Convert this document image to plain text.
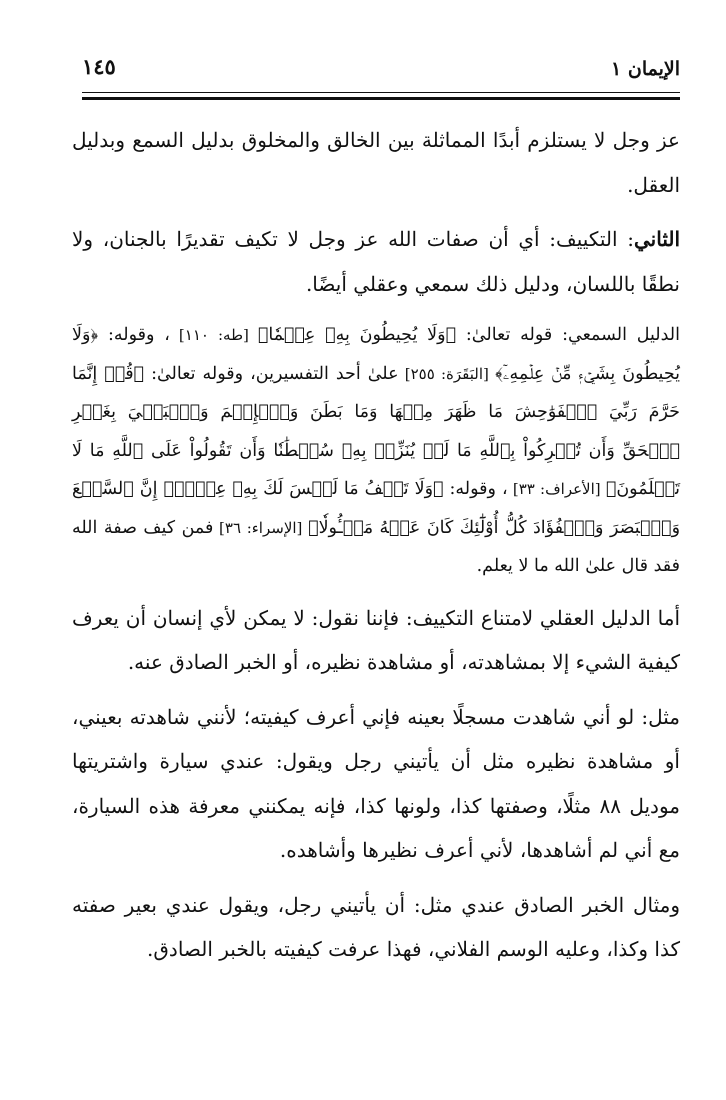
الإيمان ١
١٤٥

عز وجل لا يستلزم أبدًا المماثلة بين الخالق والمخلوق بدليل السمع وبدليل العقل.

الثاني: التكييف: أي أن صفات الله عز وجل لا تكيف تقديرًا بالجنان، ولا نطقًا باللسان، ودليل ذلك سمعي وعقلي أيضًا.

الدليل السمعي: قوله تعالىٰ: ﴿وَلَا يُحِيطُونَ بِهِۦ عِلۡمٗا﴾ [طه: ١١٠] ، وقوله: ﴿وَلَا يُحِيطُونَ بِشَيۡءٖ مِّنۡ عِلۡمِهِۦٓ﴾ [البَقَرَة: ٢٥٥] علىٰ أحد التفسيرين، وقوله تعالىٰ: ﴿قُلۡ إِنَّمَا حَرَّمَ رَبِّيَ ٱلۡفَوَٰحِشَ مَا ظَهَرَ مِنۡهَا وَمَا بَطَنَ وَٱلۡإِثۡمَ وَٱلۡبَغۡيَ بِغَيۡرِ ٱلۡحَقِّ وَأَن تُشۡرِكُواْ بِٱللَّهِ مَا لَمۡ يُنَزِّلۡ بِهِۦ سُلۡطَٰنٗا وَأَن تَقُولُواْ عَلَى ٱللَّهِ مَا لَا تَعۡلَمُونَ﴾ [الأعراف: ٣٣] ، وقوله: ﴿وَلَا تَقۡفُ مَا لَيۡسَ لَكَ بِهِۦ عِلۡمٌۚ إِنَّ ٱلسَّمۡعَ وَٱلۡبَصَرَ وَٱلۡفُؤَادَ كُلُّ أُوْلَٰٓئِكَ كَانَ عَنۡهُ مَسۡـُٔولٗا﴾ [الإسراء: ٣٦] فمن كيف صفة الله فقد قال علىٰ الله ما لا يعلم.

أما الدليل العقلي لامتناع التكييف: فإننا نقول: لا يمكن لأي إنسان أن يعرف كيفية الشيء إلا بمشاهدته، أو مشاهدة نظيره، أو الخبر الصادق عنه.

مثل: لو أني شاهدت مسجلًا بعينه فإني أعرف كيفيته؛ لأنني شاهدته بعيني، أو مشاهدة نظيره مثل أن يأتيني رجل ويقول: عندي سيارة واشتريتها موديل ٨٨ مثلًا، وصفتها كذا، ولونها كذا، فإنه يمكنني معرفة هذه السيارة، مع أني لم أشاهدها، لأني أعرف نظيرها وأشاهده.

ومثال الخبر الصادق عندي مثل: أن يأتيني رجل، ويقول عندي بعير صفته كذا وكذا، وعليه الوسم الفلاني، فهذا عرفت كيفيته بالخبر الصادق.
